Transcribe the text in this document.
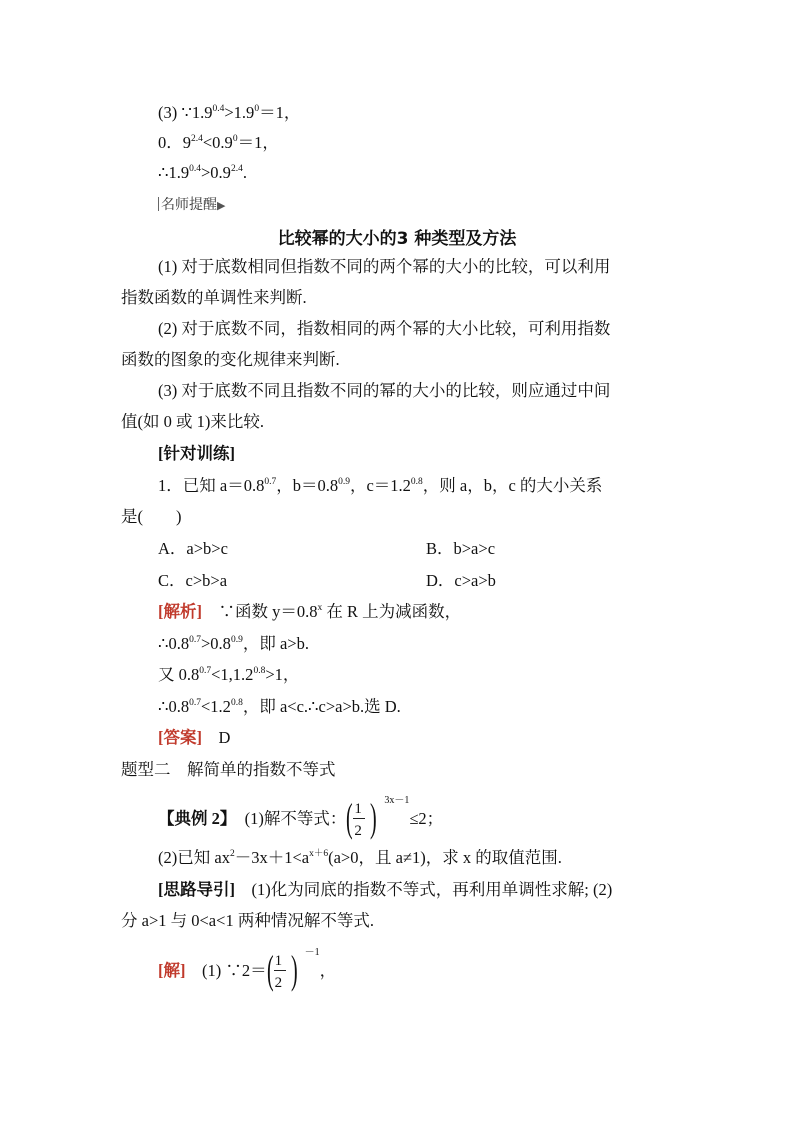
(3) $\because 1.9^{0.4}>1.9^0=1$，
0．$9^{2.4}<0.9^0=1$，
$\therefore 1.9^{0.4}>0.9^{2.4}$.
名师提醒▶
比较幂的大小的3 种类型及方法
(1) 对于底数相同但指数不同的两个幂的大小的比较，可以利用
指数函数的单调性来判断.
(2) 对于底数不同，指数相同的两个幂的大小比较，可利用指数
函数的图象的变化规律来判断.
(3) 对于底数不同且指数不同的幂的大小的比较，则应通过中间
值(如 0 或 1)来比较.
[针对训练]
1．已知 $a=0.8^{0.7}$，$b=0.8^{0.9}$，$c=1.2^{0.8}$，则 a，b，c 的大小关系
是(　　)
A．a>b>c	B．b>a>c
C．c>b>a	D．c>a>b
[解析]　 ∵函数 $y=0.8^x$ 在 R 上为减函数，
$\therefore 0.8^{0.7}>0.8^{0.9}$，即 a>b.
又 $0.8^{0.7}<1,1.2^{0.8}>1$，
$\therefore 0.8^{0.7}<1.2^{0.8}$，即 a<c.∴c>a>b.选 D.
[答案]　 D
题型二　解简单的指数不等式
【典例 2】　 (1)解不等式： ( 1
2 ) $^{3x-1}$≤2；
(2)已知 $ax^2-3x+1<a^{x+6}(a>0$，且 a≠1)，求 x 的取值范围.
[思路导引]　 (1)化为同底的指数不等式，再利用单调性求解; (2)
分 a>1 与 0<a<1 两种情况解不等式.
[解]　 (1) ∵2＝ ( 1
2 ) $^{-1}$，
